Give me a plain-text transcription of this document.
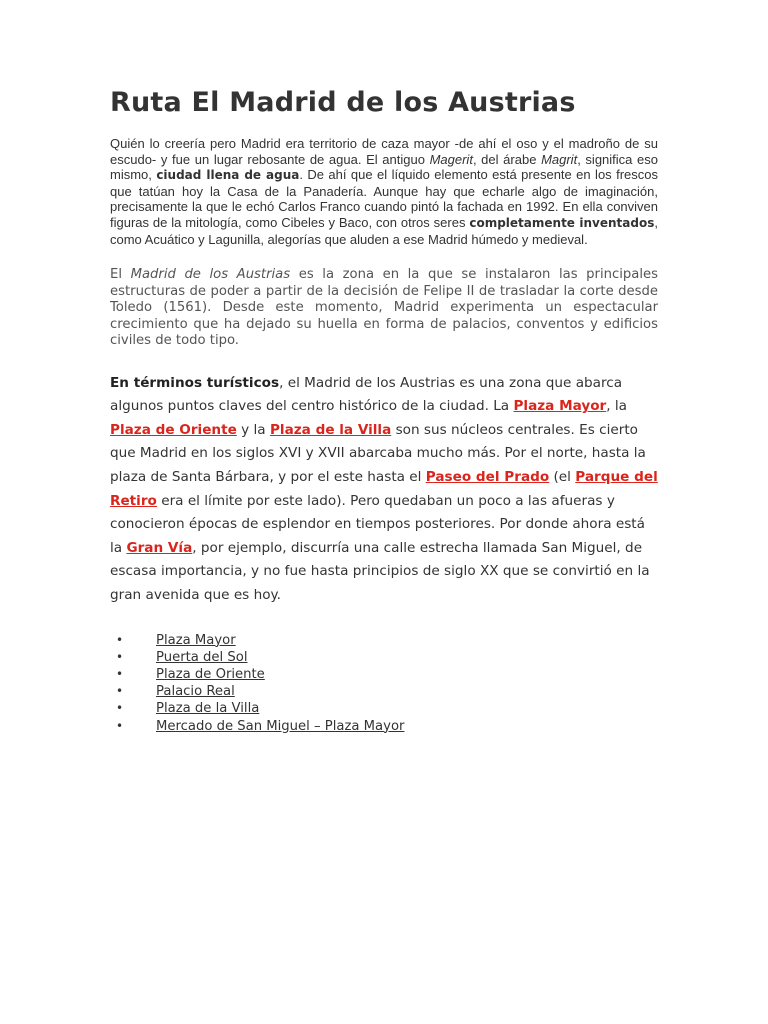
Ruta El Madrid de los Austrias

Quién lo creería pero Madrid era territorio de caza mayor -de ahí el oso y el madroño de su escudo- y fue un lugar rebosante de agua. El antiguo Magerit, del árabe Magrit, significa eso mismo, ciudad llena de agua. De ahí que el líquido elemento está presente en los frescos que tatúan hoy la Casa de la Panadería. Aunque hay que echarle algo de imaginación, precisamente la que le echó Carlos Franco cuando pintó la fachada en 1992. En ella conviven figuras de la mitología, como Cibeles y Baco, con otros seres completamente inventados, como Acuático y Lagunilla, alegorías que aluden a ese Madrid húmedo y medieval.

El Madrid de los Austrias es la zona en la que se instalaron las principales estructuras de poder a partir de la decisión de Felipe II de trasladar la corte desde Toledo (1561). Desde este momento, Madrid experimenta un espectacular crecimiento que ha dejado su huella en forma de palacios, conventos y edificios civiles de todo tipo.

En términos turísticos, el Madrid de los Austrias es una zona que abarca algunos puntos claves del centro histórico de la ciudad. La Plaza Mayor, la Plaza de Oriente y la Plaza de la Villa son sus núcleos centrales. Es cierto que Madrid en los siglos XVI y XVII abarcaba mucho más. Por el norte, hasta la plaza de Santa Bárbara, y por el este hasta el Paseo del Prado (el Parque del Retiro era el límite por este lado). Pero quedaban un poco a las afueras y conocieron épocas de esplendor en tiempos posteriores. Por donde ahora está la Gran Vía, por ejemplo, discurría una calle estrecha llamada San Miguel, de escasa importancia, y no fue hasta principios de siglo XX que se convirtió en la gran avenida que es hoy.

• Plaza Mayor
• Puerta del Sol
• Plaza de Oriente
• Palacio Real
• Plaza de la Villa
• Mercado de San Miguel – Plaza Mayor
